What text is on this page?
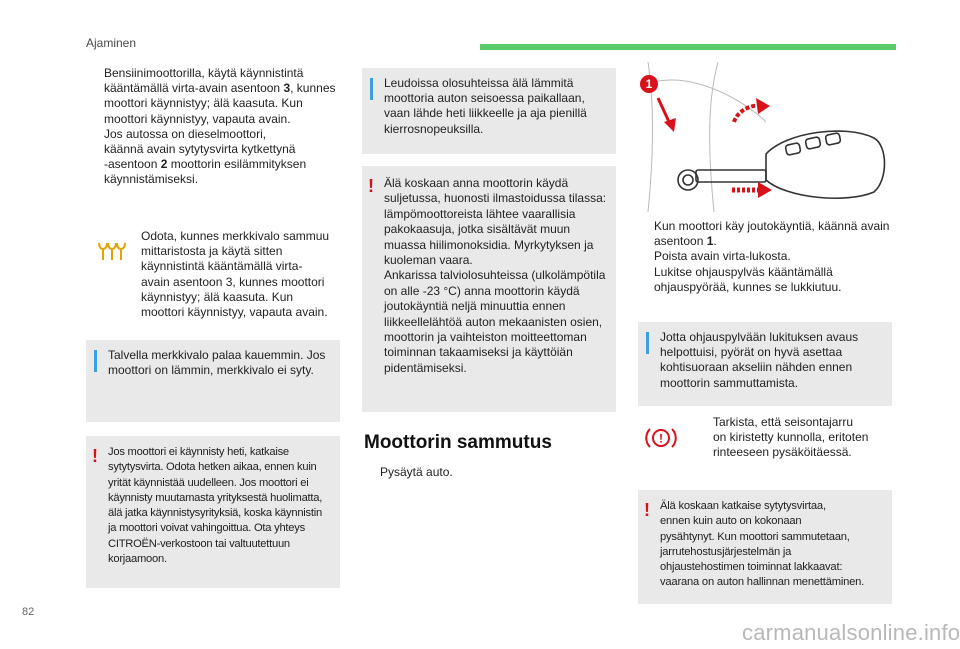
Ajaminen

Bensiinimoottorilla, käytä käynnistintä

kääntämällä virta-avain asentoon 3, kunnes

moottori käynnistyy; älä kaasuta. Kun

moottori käynnistyy, vapauta avain.

Jos autossa on dieselmoottori,

käännä avain sytytysvirta kytkettynä

-asentoon 2 moottorin esilämmityksen

käynnistämiseksi.

Odota, kunnes merkkivalo sammuu
mittaristosta ja käytä sitten
käynnistintä kääntämällä virta-
avain asentoon 3, kunnes moottori
käynnistyy; älä kaasuta. Kun
moottori käynnistyy, vapauta avain.
Talvella merkkivalo palaa kauemmin. Jos
moottori on lämmin, merkkivalo ei syty.
! Jos moottori ei käynnisty heti, katkaise
sytytysvirta. Odota hetken aikaa, ennen kuin
yrität käynnistää uudelleen. Jos moottori ei
käynnisty muutamasta yrityksestä huolimatta,
älä jatka käynnistysyrityksiä, koska käynnistin
ja moottori voivat vahingoittua. Ota yhteys
CITROËN-verkostoon tai valtuutettuun
korjaamoon.
Leudoissa olosuhteissa älä lämmitä
moottoria auton seisoessa paikallaan,
vaan lähde heti liikkeelle ja aja pienillä
kierrosnopeuksilla.
! Älä koskaan anna moottorin käydä
suljetussa, huonosti ilmastoidussa tilassa:
lämpömoottoreista lähtee vaarallisia
pakokaasuja, jotka sisältävät muun
muassa hiilimonoksidia. Myrkytyksen ja
kuoleman vaara.
Ankarissa talviolosuhteissa (ulkolämpötila
on alle -23 °C) anna moottorin käydä
joutokäyntiä neljä minuuttia ennen
liikkeellelähtöä auton mekaanisten osien,
moottorin ja vaihteiston moitteettoman
toiminnan takaamiseksi ja käyttöiän
pidentämiseksi.
Moottorin sammutus

Pysäytä auto.

1

Kun moottori käy joutokäyntiä, käännä avain

asentoon 1.

Poista avain virta-lukosta.

Lukitse ohjauspylväs kääntämällä

ohjauspyörää, kunnes se lukkiutuu.

Jotta ohjauspylvään lukituksen avaus
helpottuisi, pyörät on hyvä asettaa
kohtisuoraan akseliin nähden ennen
moottorin sammuttamista.
!

Tarkista, että seisontajarru

on kiristetty kunnolla, eritoten

rinteeseen pysäköitäessä.

! Älä koskaan katkaise sytytysvirtaa,
ennen kuin auto on kokonaan
pysähtynyt. Kun moottori sammutetaan,
jarrutehostusjärjestelmän ja
ohjaustehostimen toiminnat lakkaavat:
vaarana on auton hallinnan menettäminen.
82
carmanualsonline.info
